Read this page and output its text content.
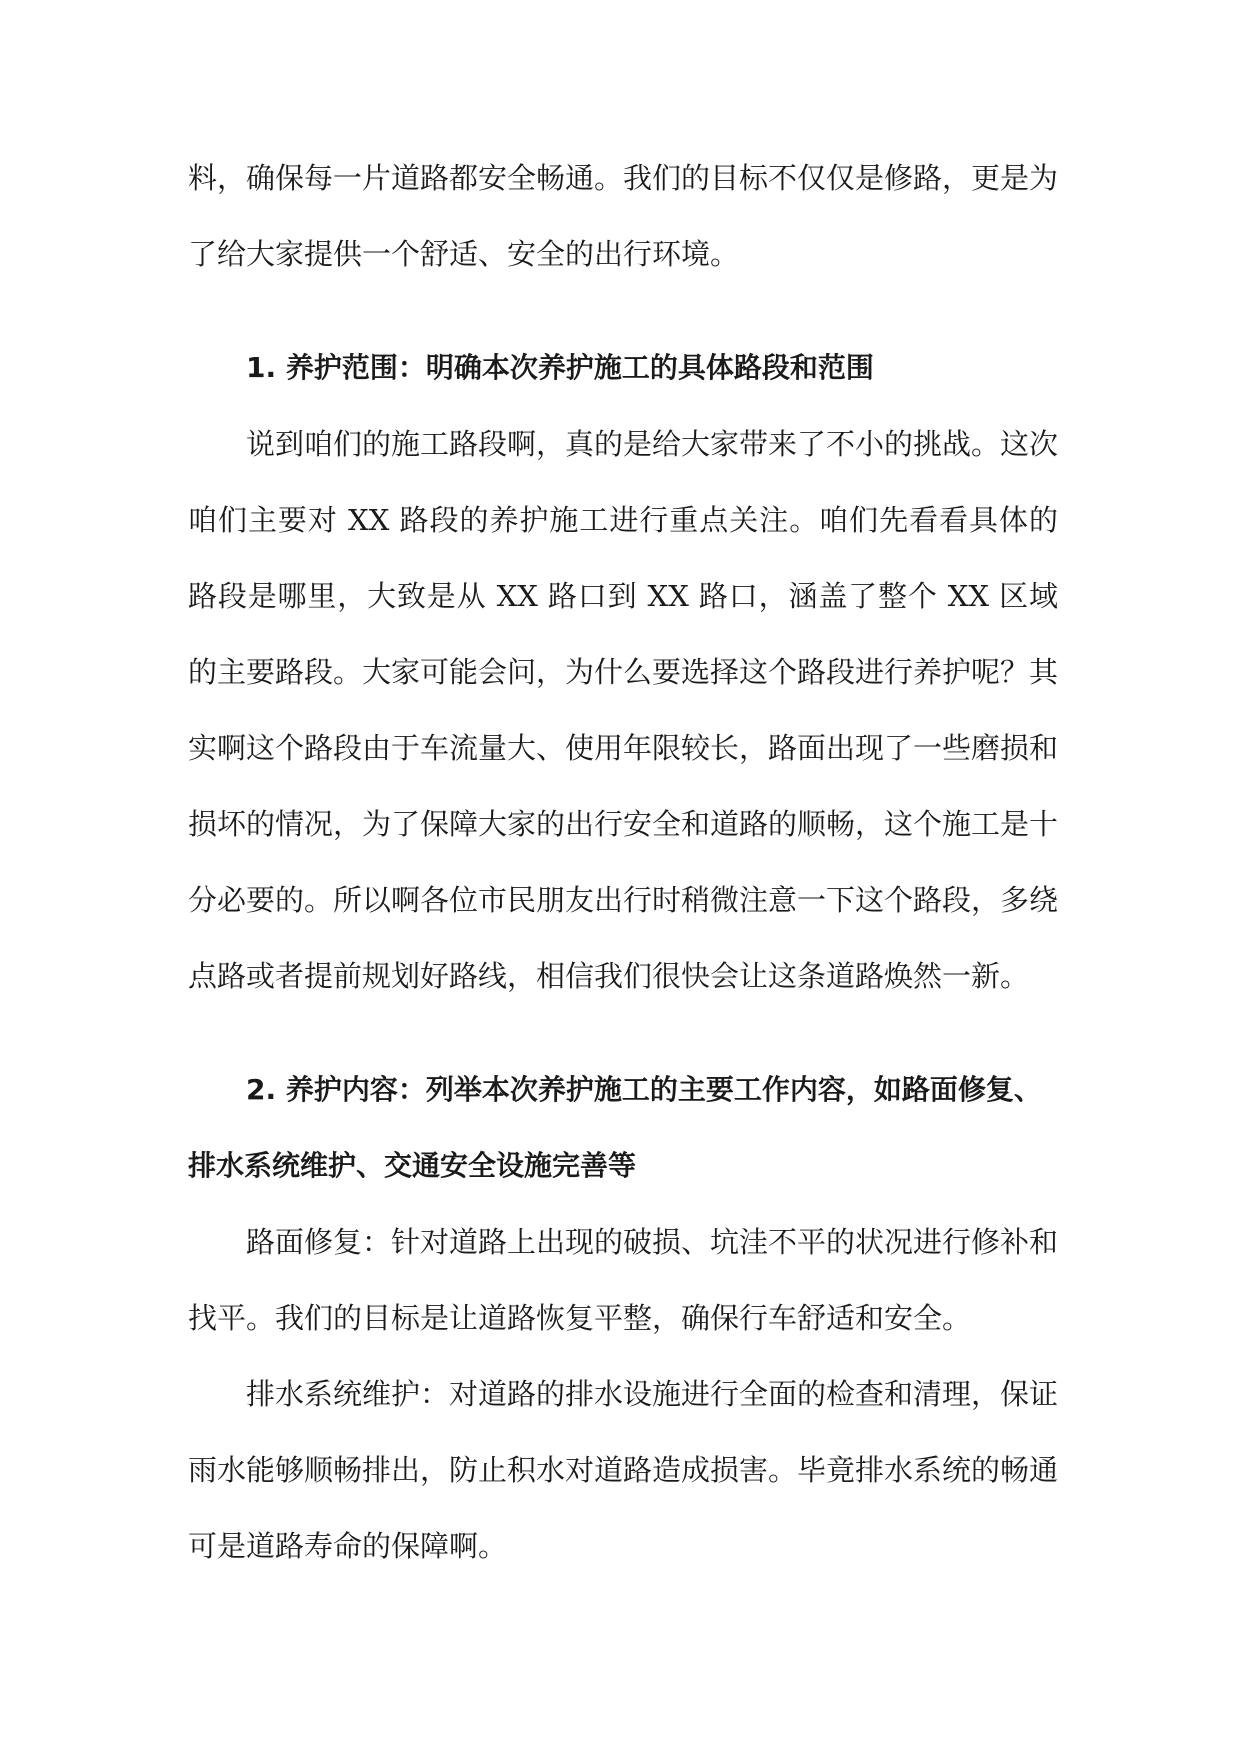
料，确保每一片道路都安全畅通。我们的目标不仅仅是修路，更是为了给大家提供一个舒适、安全的出行环境。

1. 养护范围：明确本次养护施工的具体路段和范围

说到咱们的施工路段啊，真的是给大家带来了不小的挑战。这次咱们主要对 XX 路段的养护施工进行重点关注。咱们先看看具体的路段是哪里，大致是从 XX 路口到 XX 路口，涵盖了整个 XX 区域的主要路段。大家可能会问，为什么要选择这个路段进行养护呢？其实啊这个路段由于车流量大、使用年限较长，路面出现了一些磨损和损坏的情况，为了保障大家的出行安全和道路的顺畅，这个施工是十分必要的。所以啊各位市民朋友出行时稍微注意一下这个路段，多绕点路或者提前规划好路线，相信我们很快会让这条道路焕然一新。

2. 养护内容：列举本次养护施工的主要工作内容，如路面修复、排水系统维护、交通安全设施完善等

路面修复：针对道路上出现的破损、坑洼不平的状况进行修补和找平。我们的目标是让道路恢复平整，确保行车舒适和安全。

排水系统维护：对道路的排水设施进行全面的检查和清理，保证雨水能够顺畅排出，防止积水对道路造成损害。毕竟排水系统的畅通可是道路寿命的保障啊。
